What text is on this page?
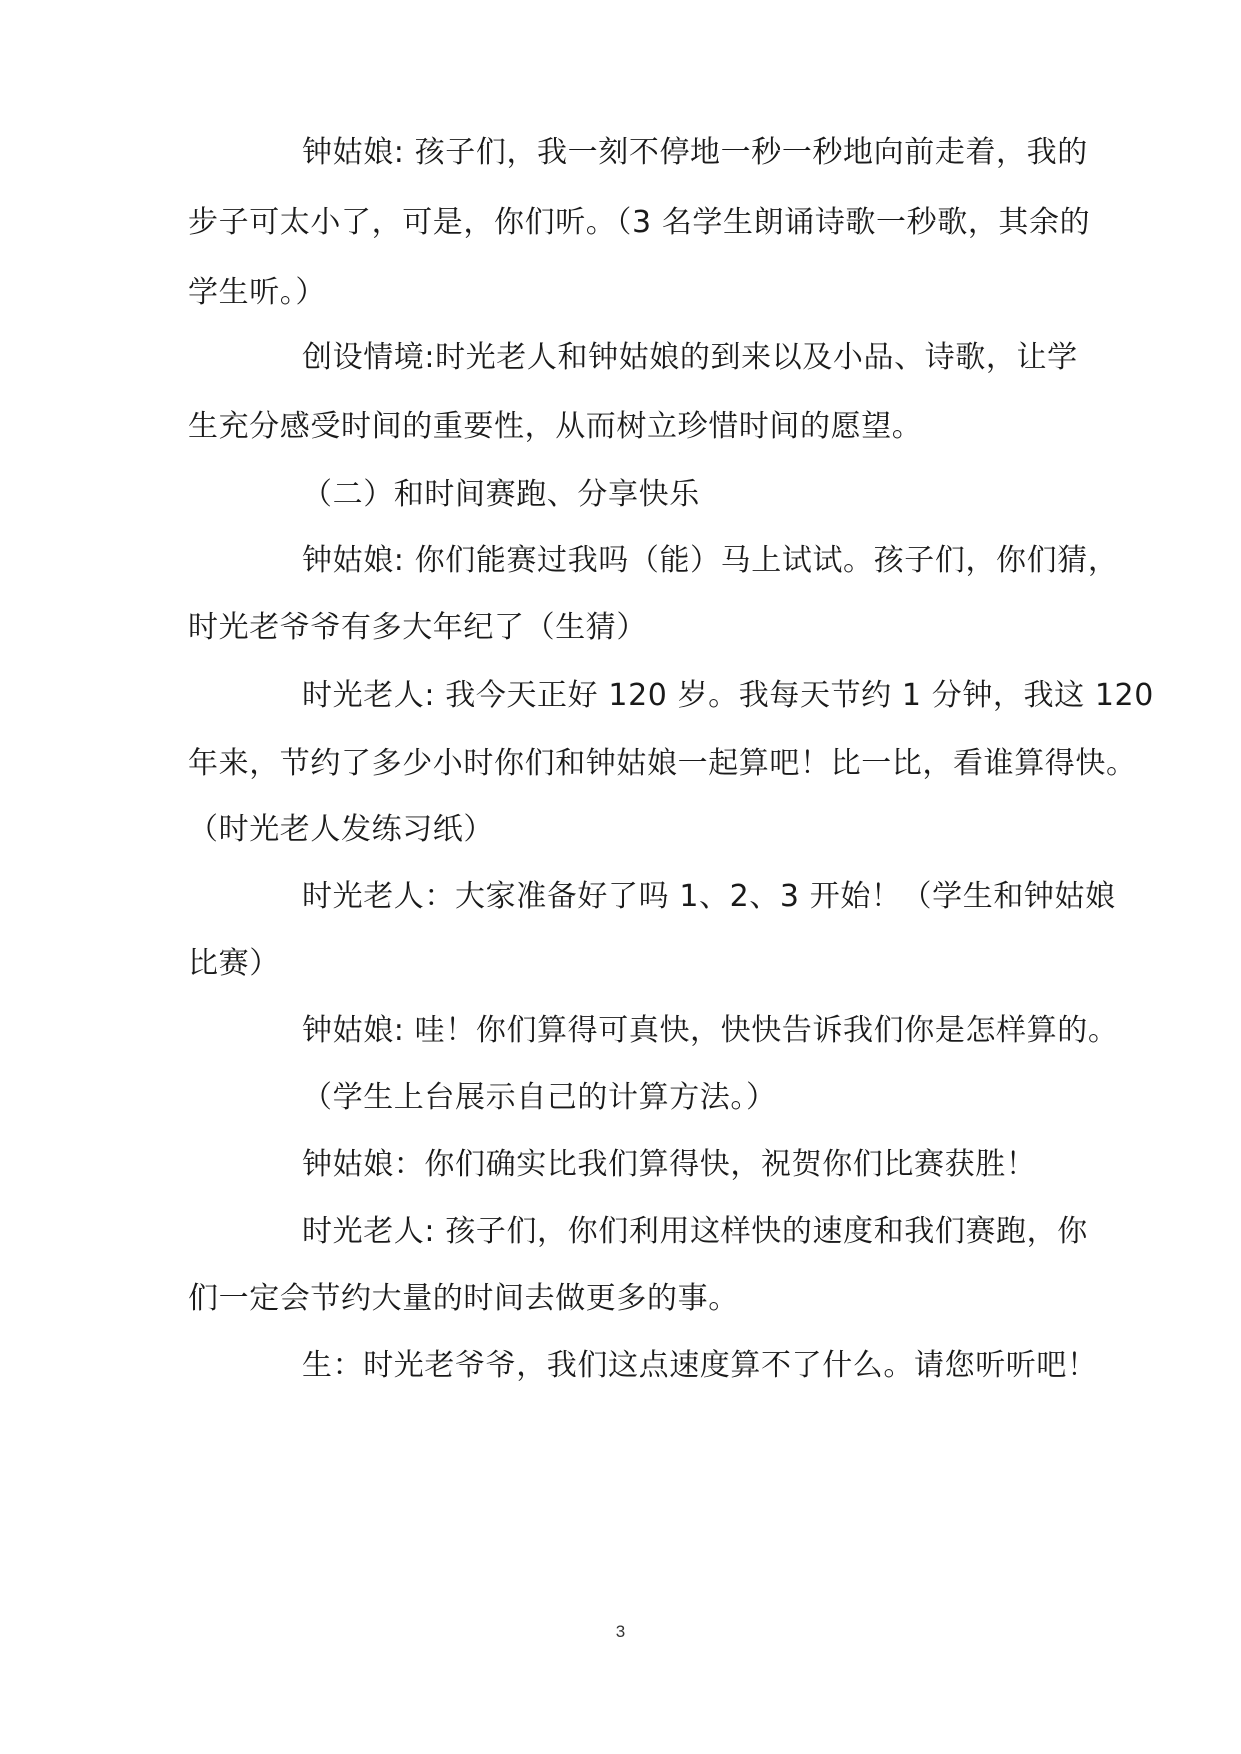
钟姑娘: 孩子们，我一刻不停地一秒一秒地向前走着，我的
步子可太小了，可是，你们听。（3 名学生朗诵诗歌一秒歌，其余的
学生听。）
创设情境:时光老人和钟姑娘的到来以及小品、诗歌，让学
生充分感受时间的重要性，从而树立珍惜时间的愿望。
（二）和时间赛跑、分享快乐
钟姑娘: 你们能赛过我吗（能）马上试试。孩子们，你们猜，
时光老爷爷有多大年纪了（生猜）
时光老人: 我今天正好 120 岁。我每天节约 1 分钟，我这 120
年来，节约了多少小时你们和钟姑娘一起算吧！比一比，看谁算得快。
（时光老人发练习纸）
时光老人：大家准备好了吗 1、2、3 开始！（学生和钟姑娘
比赛）
钟姑娘: 哇！你们算得可真快，快快告诉我们你是怎样算的。
（学生上台展示自己的计算方法。）
钟姑娘：你们确实比我们算得快，祝贺你们比赛获胜！
时光老人: 孩子们，你们利用这样快的速度和我们赛跑，你
们一定会节约大量的时间去做更多的事。
生：时光老爷爷，我们这点速度算不了什么。请您听听吧！
3
